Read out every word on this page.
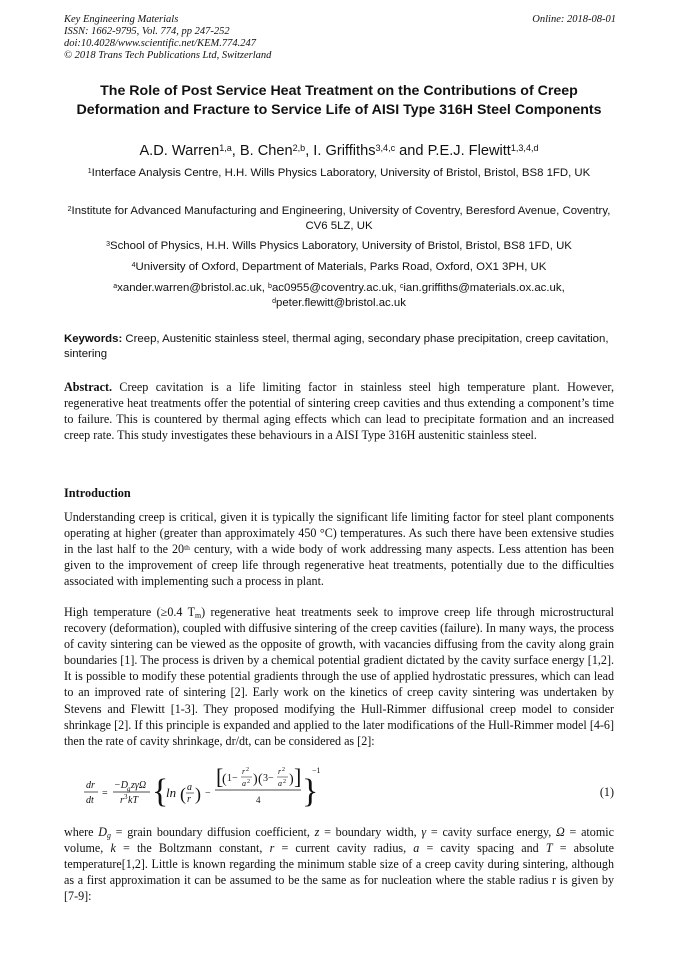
Key Engineering Materials
ISSN: 1662-9795, Vol. 774, pp 247-252
doi:10.4028/www.scientific.net/KEM.774.247
© 2018 Trans Tech Publications Ltd, Switzerland
Online: 2018-08-01
The Role of Post Service Heat Treatment on the Contributions of Creep Deformation and Fracture to Service Life of AISI Type 316H Steel Components
A.D. Warren$^{1,a}$, B. Chen$^{2,b}$, I. Griffiths$^{3,4,c}$ and P.E.J. Flewitt$^{1,3,4,d}$
$^1$Interface Analysis Centre, H.H. Wills Physics Laboratory, University of Bristol, Bristol, BS8 1FD, UK
$^2$Institute for Advanced Manufacturing and Engineering, University of Coventry, Beresford Avenue, Coventry, CV6 5LZ, UK
$^3$School of Physics, H.H. Wills Physics Laboratory, University of Bristol, Bristol, BS8 1FD, UK
$^4$University of Oxford, Department of Materials, Parks Road, Oxford, OX1 3PH, UK
$^a$xander.warren@bristol.ac.uk, $^b$ac0955@coventry.ac.uk, $^c$ian.griffiths@materials.ox.ac.uk,
$^d$peter.flewitt@bristol.ac.uk
Keywords: Creep, Austenitic stainless steel, thermal aging, secondary phase precipitation, creep cavitation, sintering
Abstract. Creep cavitation is a life limiting factor in stainless steel high temperature plant. However, regenerative heat treatments offer the potential of sintering creep cavities and thus extending a component’s time to failure. This is countered by thermal aging effects which can lead to precipitate formation and an increased creep rate. This study investigates these behaviours in a AISI Type 316H austenitic stainless steel.
Introduction
Understanding creep is critical, given it is typically the significant life limiting factor for steel plant components operating at higher (greater than approximately 450 °C) temperatures. As such there have been extensive studies in the last half to the 20th century, with a wide body of work addressing many aspects. Less attention has been given to the improvement of creep life through regenerative heat treatments, potentially due to the difficulties associated with implementing such a process in plant.
High temperature (≥0.4 $T_m$) regenerative heat treatments seek to improve creep life through microstructural recovery (deformation), coupled with diffusive sintering of the creep cavities (failure). In many ways, the process of cavity sintering can be viewed as the opposite of growth, with vacancies diffusing from the cavity along grain boundaries [1]. The process is driven by a chemical potential gradient dictated by the cavity surface energy [1,2]. It is possible to modify these potential gradients through the use of applied hydrostatic pressures, which can lead to an improved rate of sintering [2]. Early work on the kinetics of creep cavity sintering was undertaken by Stevens and Flewitt [1-3]. They proposed modifying the Hull-Rimmer diffusional creep model to consider shrinkage [2]. If this principle is expanded and applied to the later modifications of the Hull-Rimmer model [4-6] then the rate of cavity shrinkage, dr/dt, can be considered as [2]:
dr
dt
=
−D g zγΩ
r 3 kT {
ln ( a
r ) −
[
( 1−
r 2
a 2 ) ( 3−
r 2
a 2 ) ]
4 }
−1
(1)
where $D_g$ = grain boundary diffusion coefficient, z = boundary width, γ = cavity surface energy, Ω = atomic volume, k = the Boltzmann constant, r = current cavity radius, a = cavity spacing and T = absolute temperature[1,2]. Little is known regarding the minimum stable size of a creep cavity during sintering, although as a first approximation it can be assumed to be the same as for nucleation where the stable radius r is given by [7-9]:
